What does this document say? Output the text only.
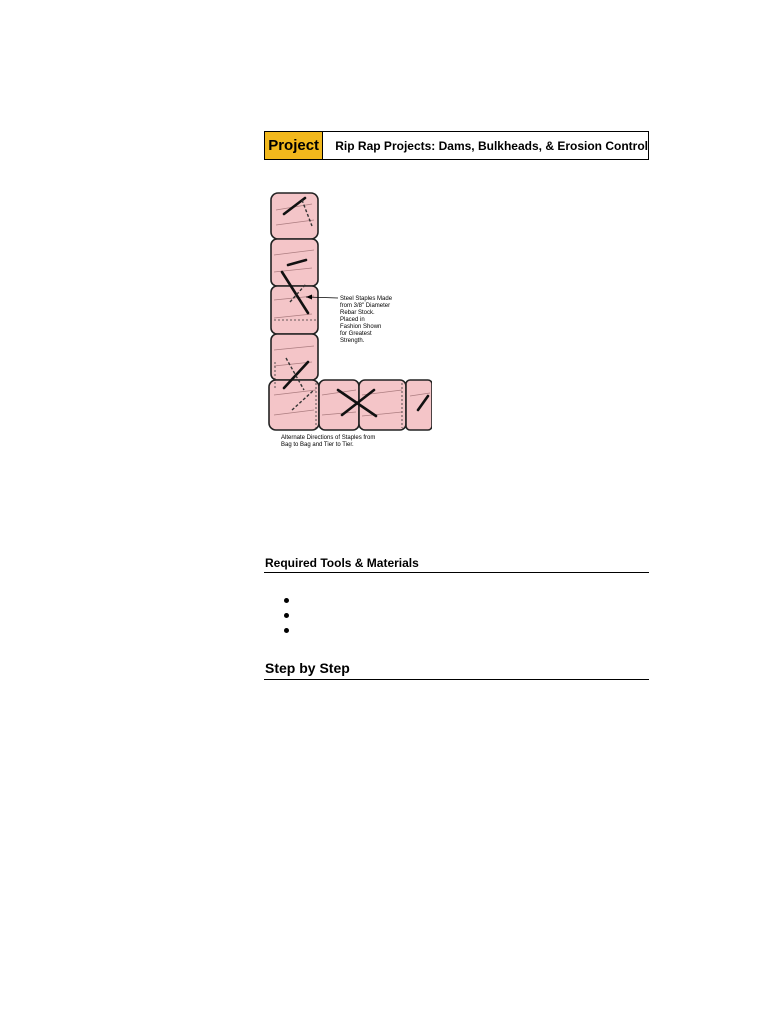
Project	Rip Rap Projects: Dams, Bulkheads, & Erosion Control
Steel Staples Made from 3/8" Diameter Rebar Stock. Placed in Fashion Shown for Greatest Strength.
Alternate Directions of Staples from Bag to Bag and Tier to Tier.
Required Tools & Materials
Step by Step
